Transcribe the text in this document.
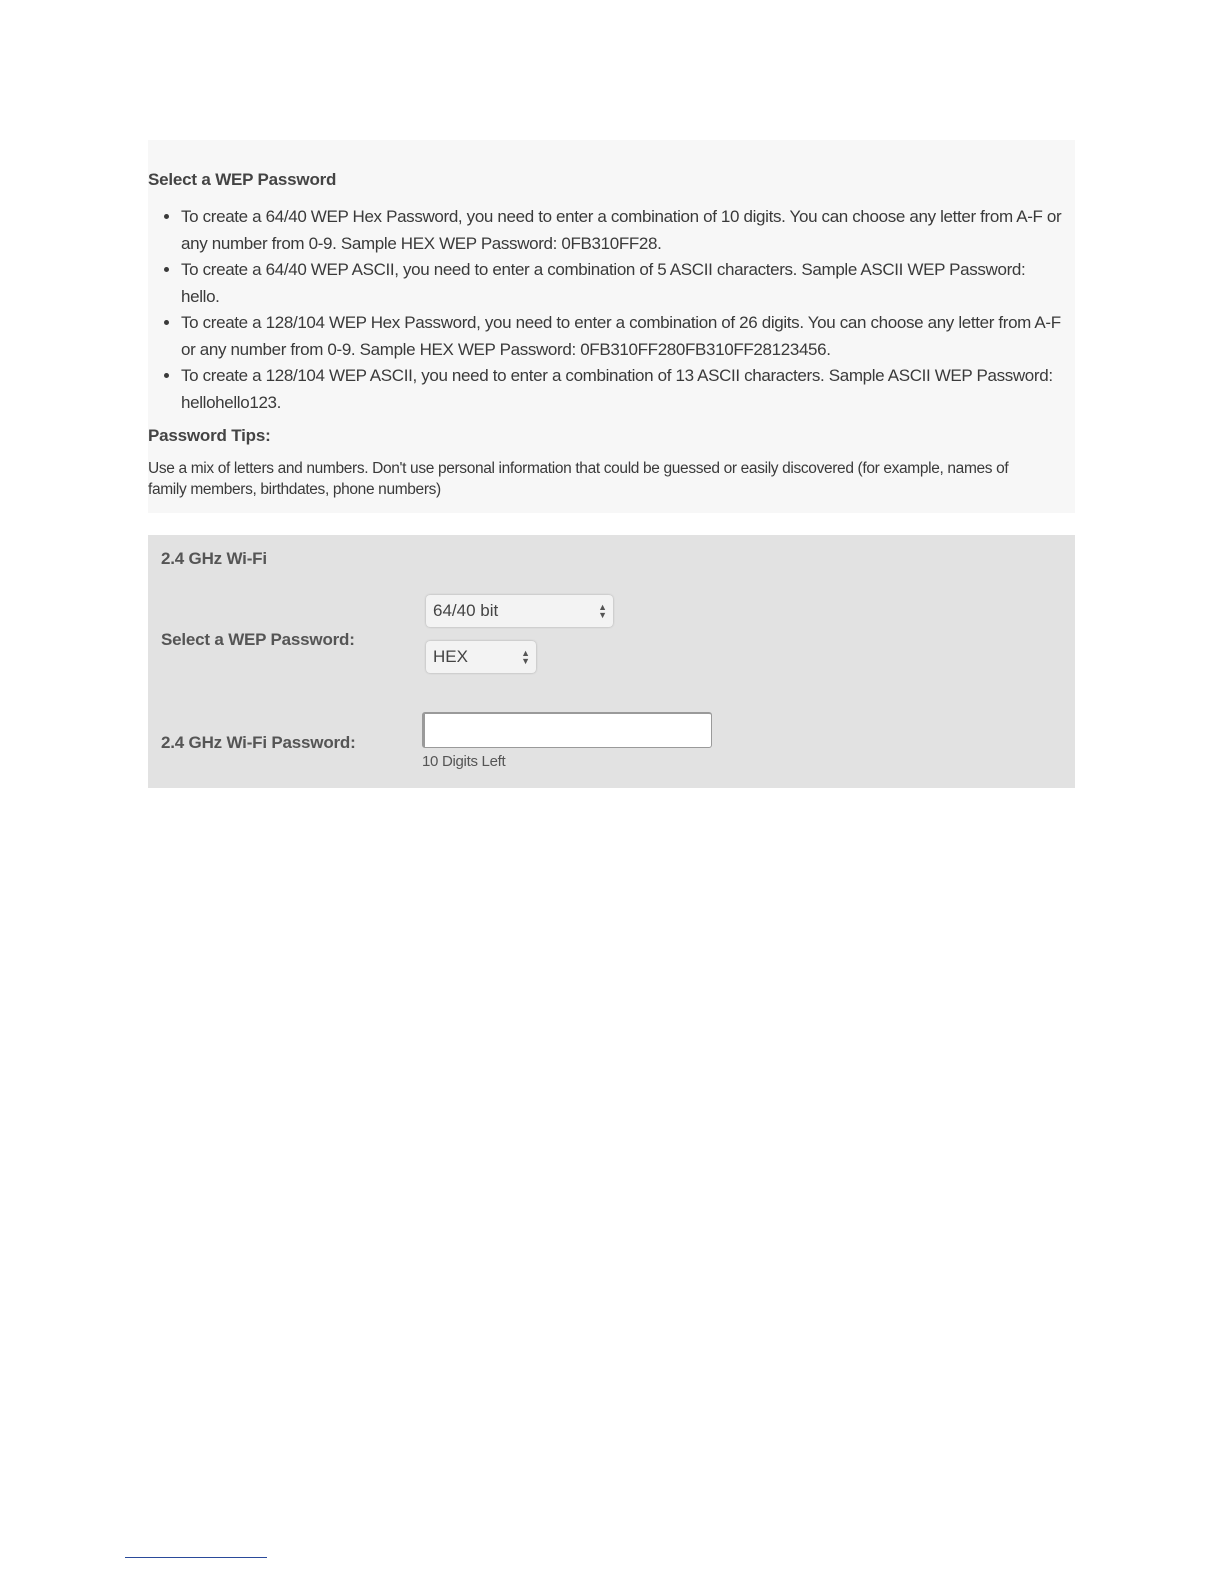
Select a WEP Password
• To create a 64/40 WEP Hex Password, you need to enter a combination of 10 digits. You can choose any letter from A-F or any number from 0-9. Sample HEX WEP Password: 0FB310FF28.
• To create a 64/40 WEP ASCII, you need to enter a combination of 5 ASCII characters. Sample ASCII WEP Password: hello.
• To create a 128/104 WEP Hex Password, you need to enter a combination of 26 digits. You can choose any letter from A-F or any number from 0-9. Sample HEX WEP Password: 0FB310FF280FB310FF28123456.
• To create a 128/104 WEP ASCII, you need to enter a combination of 13 ASCII characters. Sample ASCII WEP Password: hellohello123.
Password Tips:

Use a mix of letters and numbers. Don't use personal information that could be guessed or easily discovered (for example, names of family members, birthdates, phone numbers)

2.4 GHz Wi-Fi
Select a WEP Password:
64/40 bit	▲
▼
HEX	▲
▼
2.4 GHz Wi-Fi Password:
10 Digits Left
